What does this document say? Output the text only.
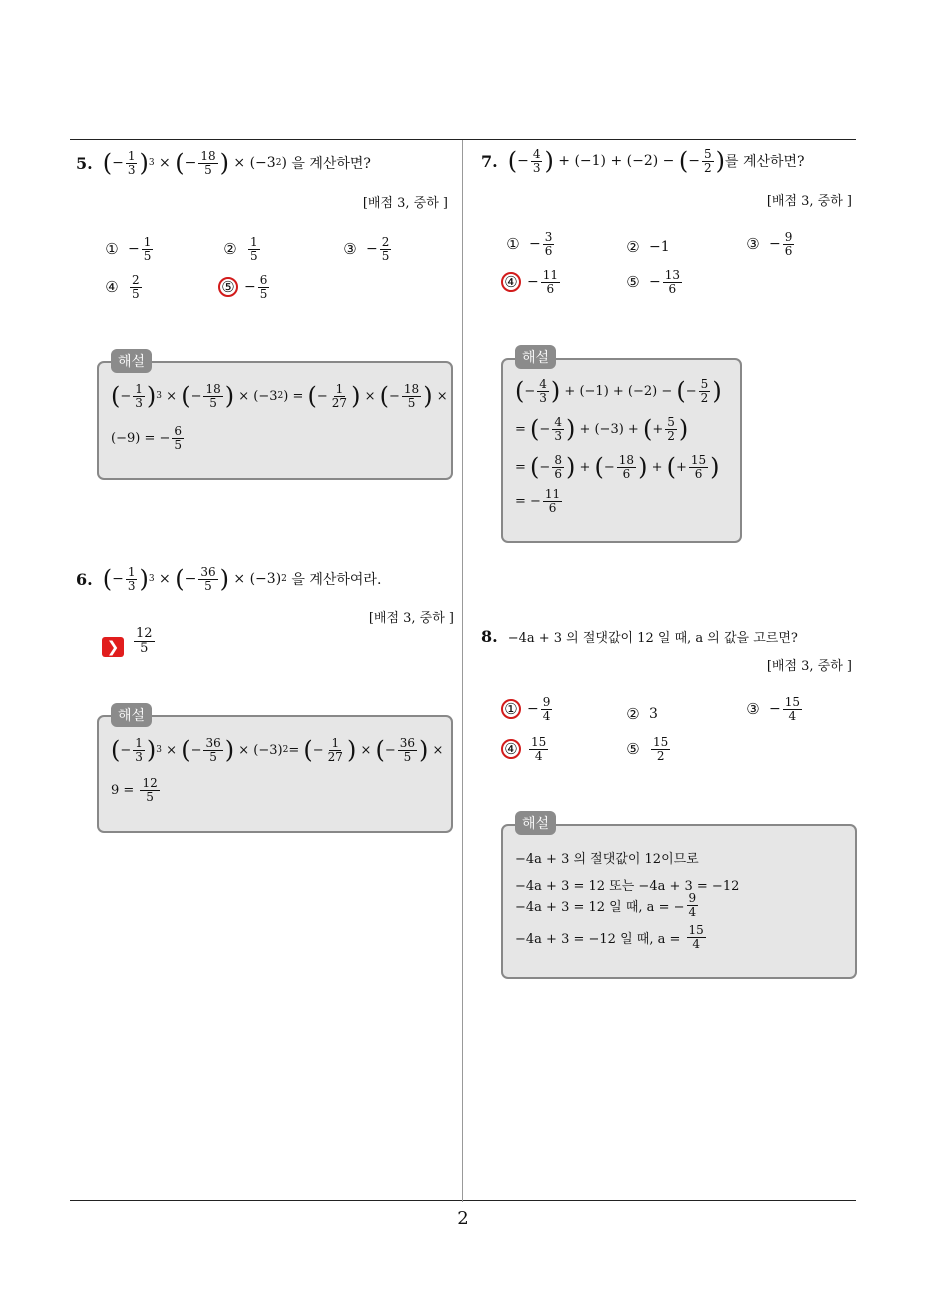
2
5. ( − $\frac{1}{3}$ ) 3 × ( − $\frac{18}{5}$ ) × (−3 2 ) 을 계산하면?
[배점 3, 중하 ]
① − $\frac{1}{5}$	② $\frac{1}{5}$	③ − $\frac{2}{5}$
④ $\frac{2}{5}$	⑤ − $\frac{6}{5}$
( − $\frac{1}{3}$ ) 3 × ( − $\frac{18}{5}$ ) × (−3 2 ) = ( − $\frac{1}{27}$ ) × ( − $\frac{18}{5}$ ) ×
(−9) = − $\frac{6}{5}$
해설
6. ( − $\frac{1}{3}$ ) 3 × ( − $\frac{36}{5}$ ) × (−3) 2
을 계산하여라.
[배점 3, 중하 ]
❯	$\frac{12}{5}$
( − $\frac{1}{3}$ ) 3 × ( − $\frac{36}{5}$ ) × (−3) 2 = ( − $\frac{1}{27}$ ) × ( − $\frac{36}{5}$ ) ×
9 =
$\frac{12}{5}$
해설
7. ( − $\frac{4}{3}$ ) + (−1) + (−2) − ( − $\frac{5}{2}$ ) 를 계산하면?
[배점 3, 중하 ]
① − $\frac{3}{6}$	② −1	③ − $\frac{9}{6}$
④ − $\frac{11}{6}$	⑤ − $\frac{13}{6}$
( − $\frac{4}{3}$ ) + (−1) + (−2) − ( − $\frac{5}{2}$ )
= ( − $\frac{4}{3}$ ) + (−3) + ( + $\frac{5}{2}$ )
= ( − $\frac{8}{6}$ ) + ( − $\frac{18}{6}$ ) + ( + $\frac{15}{6}$ )
= − $\frac{11}{6}$
해설
8. −4a + 3 의 절댓값이 12 일 때, a 의 값을 고르면?
[배점 3, 중하 ]
① − $\frac{9}{4}$	② 3	③ − $\frac{15}{4}$
④ $\frac{15}{4}$	⑤ $\frac{15}{2}$
−4a + 3 의 절댓값이 12이므로
−4a + 3 = 12 또는 −4a + 3 = −12
−4a + 3 = 12 일 때, a = − $\frac{9}{4}$
−4a + 3 = −12 일 때, a =
$\frac{15}{4}$
해설
